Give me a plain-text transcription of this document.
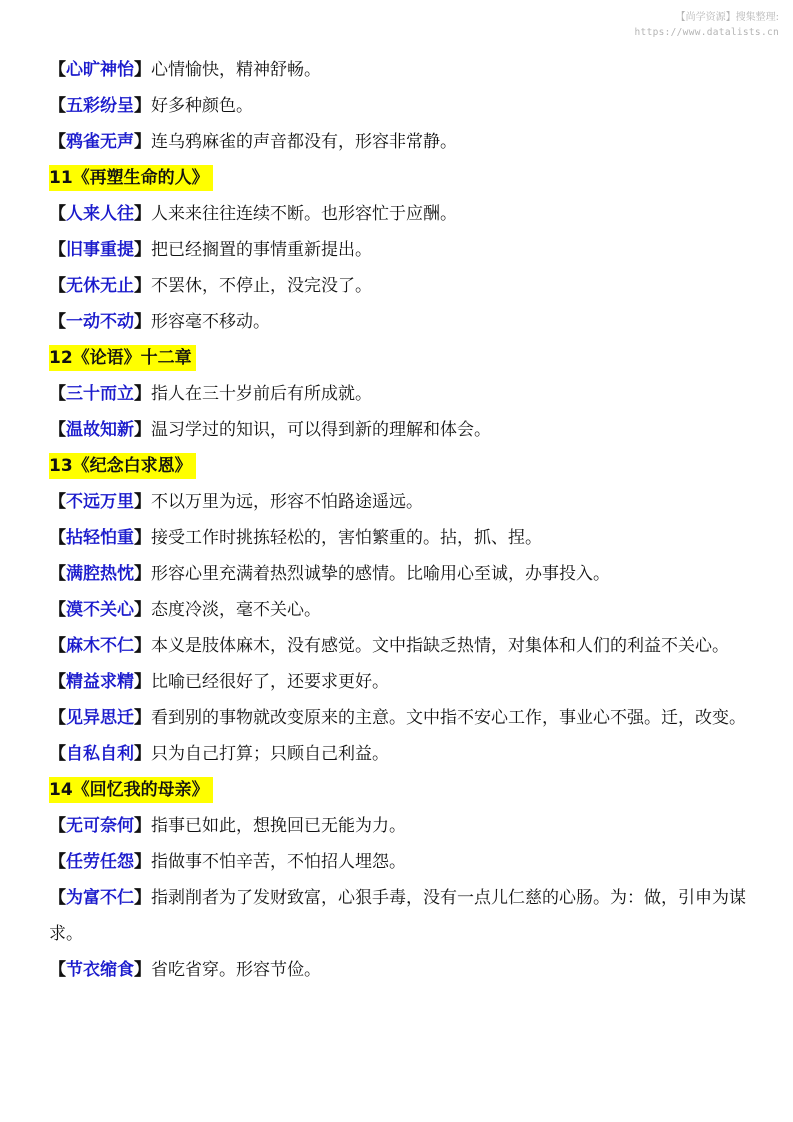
【尚学资源】搜集整理:
https://www.datalists.cn

【心旷神怡】心情愉快，精神舒畅。

【五彩纷呈】好多种颜色。

【鸦雀无声】连乌鸦麻雀的声音都没有，形容非常静。

11《再塑生命的人》

【人来人往】人来来往往连续不断。也形容忙于应酬。

【旧事重提】把已经搁置的事情重新提出。

【无休无止】不罢休，不停止，没完没了。

【一动不动】形容毫不移动。

12《论语》十二章

【三十而立】指人在三十岁前后有所成就。

【温故知新】温习学过的知识，可以得到新的理解和体会。

13《纪念白求恩》

【不远万里】不以万里为远，形容不怕路途遥远。

【拈轻怕重】接受工作时挑拣轻松的，害怕繁重的。拈，抓、捏。

【满腔热忱】形容心里充满着热烈诚挚的感情。比喻用心至诚，办事投入。

【漠不关心】态度冷淡，毫不关心。

【麻木不仁】本义是肢体麻木，没有感觉。文中指缺乏热情，对集体和人们的利益不关心。

【精益求精】比喻已经很好了，还要求更好。

【见异思迁】看到别的事物就改变原来的主意。文中指不安心工作，事业心不强。迁，改变。

【自私自利】只为自己打算；只顾自己利益。

14《回忆我的母亲》

【无可奈何】指事已如此，想挽回已无能为力。

【任劳任怨】指做事不怕辛苦，不怕招人埋怨。

【为富不仁】指剥削者为了发财致富，心狠手毒，没有一点儿仁慈的心肠。为：做，引申为谋求。

【节衣缩食】省吃省穿。形容节俭。
